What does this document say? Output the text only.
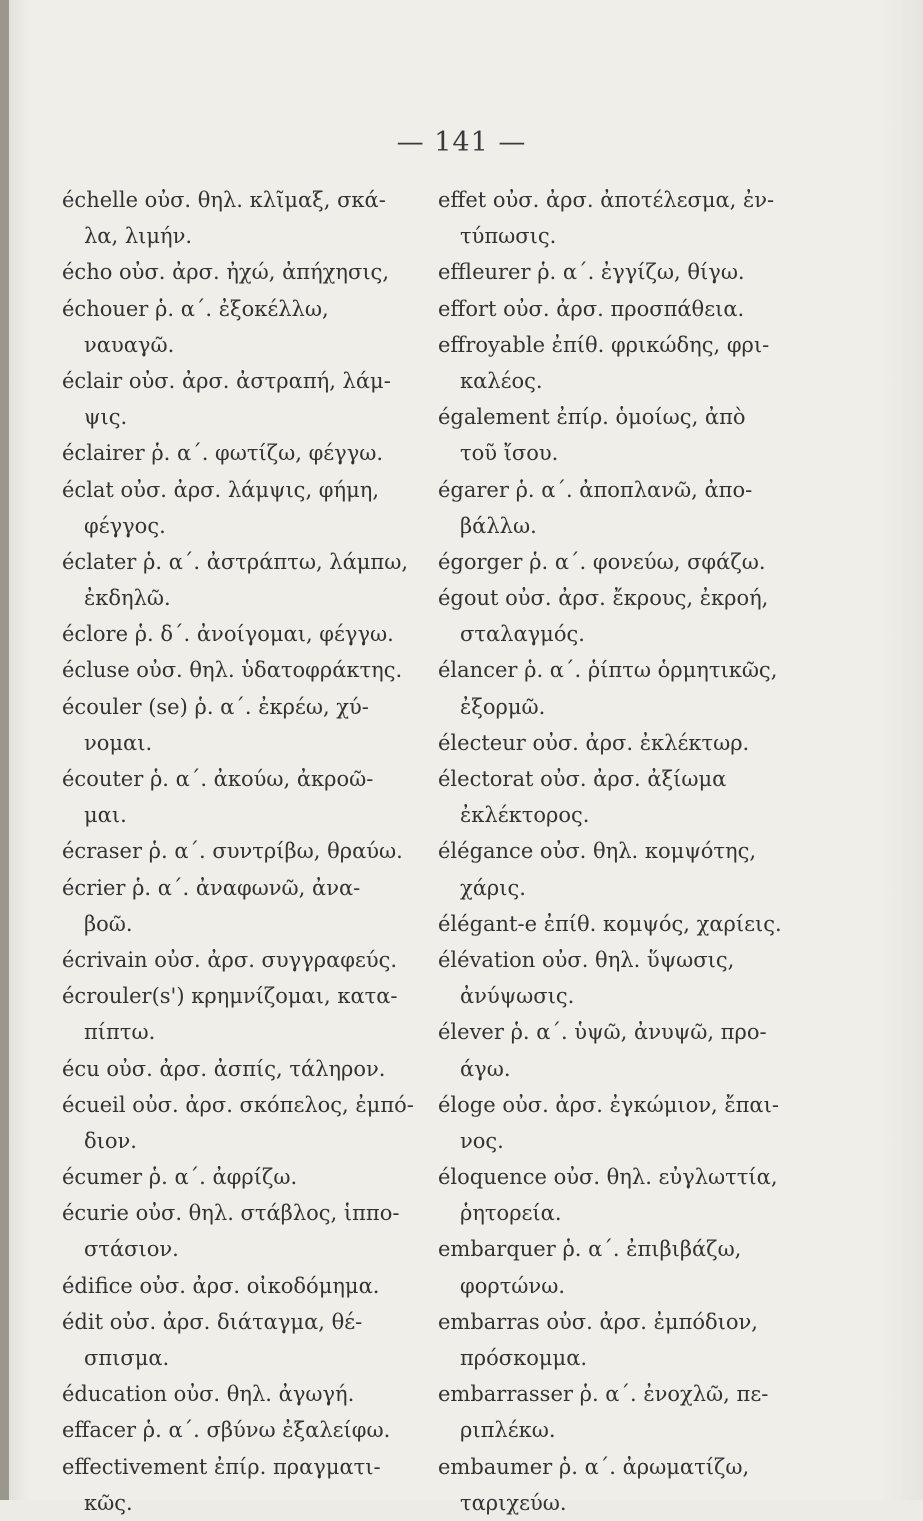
— 141 —
échelle οὐσ. θηλ. κλῖμαξ, σκά-
λα, λιμήν.
écho οὐσ. ἀρσ. ἠχώ, ἀπήχησις,
échouer ῥ. α΄. ἐξοκέλλω,
ναυαγῶ.
éclair οὐσ. ἀρσ. ἀστραπή, λάμ-
ψις.
éclairer ῥ. α΄. φωτίζω, φέγγω.
éclat οὐσ. ἀρσ. λάμψις, φήμη,
φέγγος.
éclater ῥ. α΄. ἀστράπτω, λάμπω,
ἐκδηλῶ.
éclore ῥ. δ΄. ἀνοίγομαι, φέγγω.
écluse οὐσ. θηλ. ὑδατοφράκτης.
écouler (se) ῥ. α΄. ἐκρέω, χύ-
νομαι.
écouter ῥ. α΄. ἀκούω, ἀκροῶ-
μαι.
écraser ῥ. α΄. συντρίβω, θραύω.
écrier ῥ. α΄. ἀναφωνῶ, ἀνα-
βοῶ.
écrivain οὐσ. ἀρσ. συγγραφεύς.
écrouler(s') κρημνίζομαι, κατα-
πίπτω.
écu οὐσ. ἀρσ. ἀσπίς, τάληρον.
écueil οὐσ. ἀρσ. σκόπελος, ἐμπό-
διον.
écumer ῥ. α΄. ἀφρίζω.
écurie οὐσ. θηλ. στάβλος, ἱππο-
στάσιον.
édifice οὐσ. ἀρσ. οἰκοδόμημα.
édit οὐσ. ἀρσ. διάταγμα, θέ-
σπισμα.
éducation οὐσ. θηλ. ἀγωγή.
effacer ῥ. α΄. σβύνω ἐξαλείφω.
effectivement ἐπίρ. πραγματι-
κῶς.
effet οὐσ. ἀρσ. ἀποτέλεσμα, ἐν-
τύπωσις.
effleurer ῥ. α΄. ἐγγίζω, θίγω.
effort οὐσ. ἀρσ. προσπάθεια.
effroyable ἐπίθ. φρικώδης, φρι-
καλέος.
également ἐπίρ. ὁμοίως, ἀπὸ
τοῦ ἴσου.
égarer ῥ. α΄. ἀποπλανῶ, ἀπο-
βάλλω.
égorger ῥ. α΄. φονεύω, σφάζω.
égout οὐσ. ἀρσ. ἔκρους, ἐκροή,
σταλαγμός.
élancer ῥ. α΄. ῥίπτω ὁρμητικῶς,
ἐξορμῶ.
électeur οὐσ. ἀρσ. ἐκλέκτωρ.
électorat οὐσ. ἀρσ. ἀξίωμα
ἐκλέκτορος.
élégance οὐσ. θηλ. κομψότης,
χάρις.
élégant-e ἐπίθ. κομψός, χαρίεις.
élévation οὐσ. θηλ. ὕψωσις,
ἀνύψωσις.
élever ῥ. α΄. ὑψῶ, ἀνυψῶ, προ-
άγω.
éloge οὐσ. ἀρσ. ἐγκώμιον, ἔπαι-
νος.
éloquence οὐσ. θηλ. εὐγλωττία,
ῥητορεία.
embarquer ῥ. α΄. ἐπιβιβάζω,
φορτώνω.
embarras οὐσ. ἀρσ. ἐμπόδιον,
πρόσκομμα.
embarrasser ῥ. α΄. ἐνοχλῶ, πε-
ριπλέκω.
embaumer ῥ. α΄. ἀρωματίζω,
ταριχεύω.
